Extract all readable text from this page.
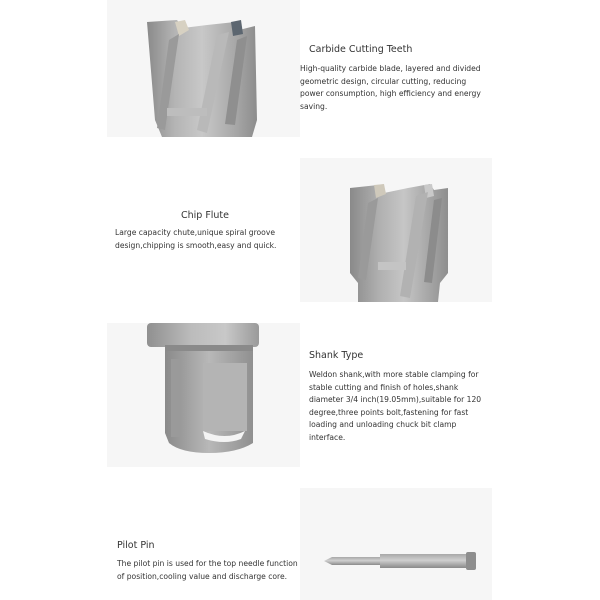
Carbide Cutting Teeth

High-quality carbide blade, layered and divided geometric design, circular cutting, reducing power consumption, high efficiency and energy saving.

Chip Flute

Large capacity chute,unique spiral groove design,chipping is smooth,easy and quick.

Shank Type

Weldon shank,with more stable clamping for stable cutting and finish of holes,shank diameter 3/4 inch(19.05mm),suitable for 120 degree,three points bolt,fastening for fast loading and unloading chuck bit clamp interface.

Pilot Pin

The pilot pin is used for the top needle function of position,cooling value and discharge core.
